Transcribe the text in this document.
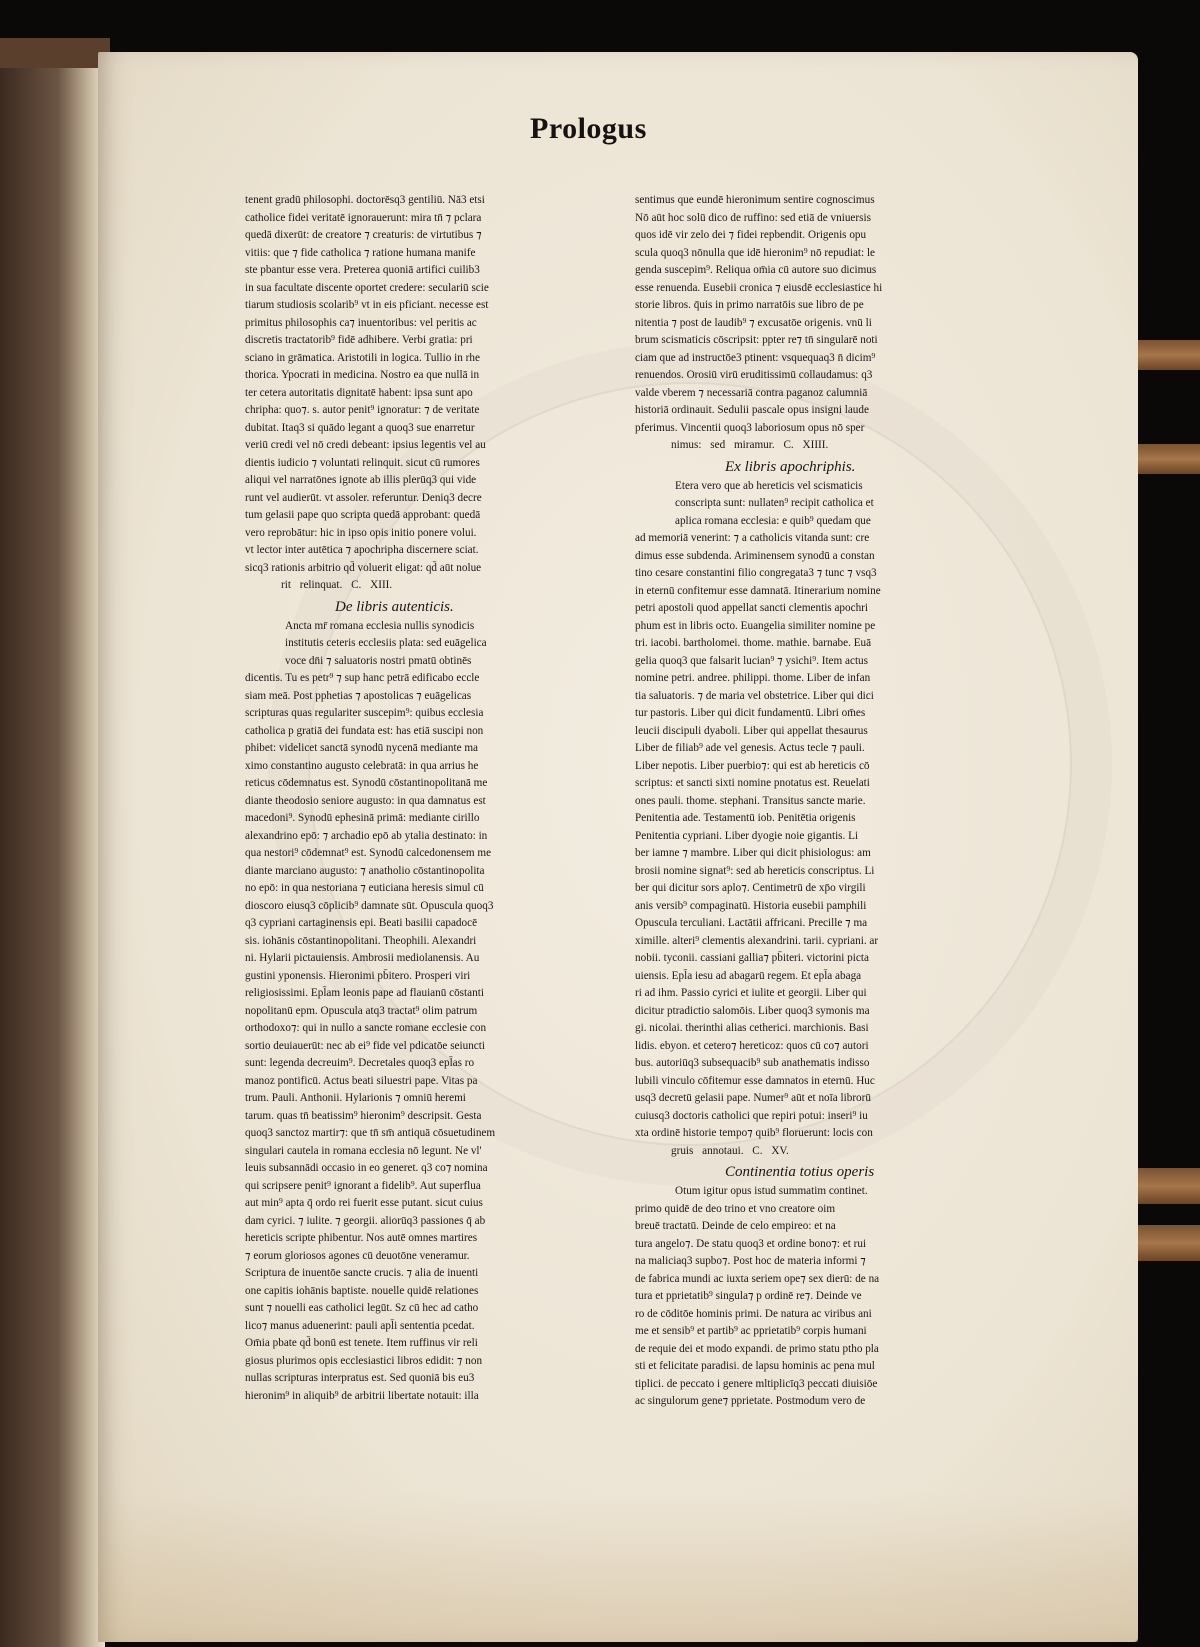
Prologus
tenent gradū philosophi. doctorēsq3 gentiliū. Nā3 etsi
catholice fidei veritatē ignorauerunt: mira tn̄ ⁊ pclara
quedā dixerūt: de creatore ⁊ creaturis: de virtutibus ⁊
vitiis: que ⁊ fide catholica ⁊ ratione humana manife
ste pbantur esse vera. Preterea quoniā artifici cuilib3
in sua facultate discente oportet credere: seculariū scie
tiarum studiosis scolarib⁹ vt in eis pficiant. necesse est
primitus philosophis ca⁊ inuentoribus: vel peritis ac
discretis tractatorib⁹ fidē adhibere. Verbi gratia: pri
sciano in grāmatica. Aristotili in logica. Tullio in rhe
thorica. Ypocrati in medicina. Nostro ea que nullā in
ter cetera autoritatis dignitatē habent: ipsa sunt apo
chripha: quo⁊. s. autor penit⁹ ignoratur: ⁊ de veritate
dubitat. Itaq3 si quādo legant a quoq3 sue enarretur
veriū credi vel nō credi debeant: ipsius legentis vel au
dientis iudicio ⁊ voluntati relinquit. sicut cū rumores
aliqui vel narratōnes ignote ab illis plerūq3 qui vide
runt vel audierūt. vt assoler. referuntur. Deniq3 decre
tum gelasii pape quo scripta quedā approbant: quedā
vero reprobātur: hic in ipso opis initio ponere volui.
vt lector inter autētica ⁊ apochripha discernere sciat.
sicq3 rationis arbitrio qd̄ voluerit eligat: qd̄ aūt nolue
rit relinquat. C. XIII.
De libris autenticis.
Ancta mr̄ romana ecclesia nullis synodicis
institutis ceteris ecclesiis plata: sed euāgelica
voce dn̄i ⁊ saluatoris nostri pmatū obtinēs
dicentis. Tu es petr⁹ ⁊ sup hanc petrā edificabo eccle
siam meā. Post pphetias ⁊ apostolicas ⁊ euāgelicas
scripturas quas regulariter suscepim⁹: quibus ecclesia
catholica p gratiā dei fundata est: has etiā suscipi non
phibet: videlicet sanctā synodū nycenā mediante ma
ximo constantino augusto celebratā: in qua arrius he
reticus cōdemnatus est. Synodū cōstantinopolitanā me
diante theodosio seniore augusto: in qua damnatus est
macedoni⁹. Synodū ephesinā primā: mediante cirillo
alexandrino epō: ⁊ archadio epō ab ytalia destinato: in
qua nestori⁹ cōdemnat⁹ est. Synodū calcedonensem me
diante marciano augusto: ⁊ anatholio cōstantinopolita
no epō: in qua nestoriana ⁊ euticiana heresis simul cū
dioscoro eiusq3 cōplicib⁹ damnate sūt. Opuscula quoq3
q3 cypriani cartaginensis epi. Beati basilii capadocē
sis. iohānis cōstantinopolitani. Theophili. Alexandri
ni. Hylarii pictauiensis. Ambrosii mediolanensis. Au
gustini yponensis. Hieronimi pb̄itero. Prosperi viri
religiosissimi. Epl̄am leonis pape ad flauianū cōstanti
nopolitanū epm. Opuscula atq3 tractat⁹ olim patrum
orthodoxo⁊: qui in nullo a sancte romane ecclesie con
sortio deuiauerūt: nec ab ei⁹ fide vel pdicatōe seiuncti
sunt: legenda decreuim⁹. Decretales quoq3 epl̄as ro
manoz pontificū. Actus beati siluestri pape. Vitas pa
trum. Pauli. Anthonii. Hylarionis ⁊ omniū heremi
tarum. quas tn̄ beatissim⁹ hieronim⁹ descripsit. Gesta
quoq3 sanctoz martir⁊: que tn̄ sm̄ antiquā cōsuetudinem
singulari cautela in romana ecclesia nō legunt. Ne vl'
leuis subsannādi occasio in eo generet. q3 co⁊ nomina
qui scripsere penit⁹ ignorant a fidelib⁹. Aut superflua
aut min⁹ apta q̄ ordo rei fuerit esse putant. sicut cuius
dam cyrici. ⁊ iulite. ⁊ georgii. aliorūq3 passiones q̄ ab
hereticis scripte phibentur. Nos autē omnes martires
⁊ eorum gloriosos agones cū deuotōne veneramur.
Scriptura de inuentōe sancte crucis. ⁊ alia de inuenti
one capitis iohānis baptiste. nouelle quidē relationes
sunt ⁊ nouelli eas catholici legūt. Sz cū hec ad catho
lico⁊ manus aduenerint: pauli apl̄i sententia pcedat.
Om̄ia pbate qd̄ bonū est tenete. Item ruffinus vir reli
giosus plurimos opis ecclesiastici libros edidit: ⁊ non
nullas scripturas interpratus est. Sed quoniā bis eu3
hieronim⁹ in aliquib⁹ de arbitrii libertate notauit: illa
sentimus que eundē hieronimum sentire cognoscimus
Nō aūt hoc solū dico de ruffino: sed etiā de vniuersis
quos idē vir zelo dei ⁊ fidei repbendit. Origenis opu
scula quoq3 nōnulla que idē hieronim⁹ nō repudiat: le
genda suscepim⁹. Reliqua om̄ia cū autore suo dicimus
esse renuenda. Eusebii cronica ⁊ eiusdē ecclesiastice hi
storie libros. q̄uis in primo narratōis sue libro de pe
nitentia ⁊ post de laudib⁹ ⁊ excusatōe origenis. vnū li
brum scismaticis cōscripsit: ppter re⁊ tn̄ singularē noti
ciam que ad instructōe3 ptinent: vsquequaq3 n̄ dicim⁹
renuendos. Orosiū virū eruditissimū collaudamus: q3
valde vberem ⁊ necessariā contra paganoz calumniā
historiā ordinauit. Sedulii pascale opus insigni laude
pferimus. Vincentii quoq3 laboriosum opus nō sper
nimus: sed miramur. C. XIIII.
Ex libris apochriphis.
Etera vero que ab hereticis vel scismaticis
conscripta sunt: nullaten⁹ recipit catholica et
aplica romana ecclesia: e quib⁹ quedam que
ad memoriā venerint: ⁊ a catholicis vitanda sunt: cre
dimus esse subdenda. Ariminensem synodū a constan
tino cesare constantini filio congregata3 ⁊ tunc ⁊ vsq3
in eternū confitemur esse damnatā. Itinerarium nomine
petri apostoli quod appellat sancti clementis apochri
phum est in libris octo. Euangelia similiter nomine pe
tri. iacobi. bartholomei. thome. mathie. barnabe. Euā
gelia quoq3 que falsarit lucian⁹ ⁊ ysichi⁹. Item actus
nomine petri. andree. philippi. thome. Liber de infan
tia saluatoris. ⁊ de maria vel obstetrice. Liber qui dici
tur pastoris. Liber qui dicit fundamentū. Libri om̄es
leucii discipuli dyaboli. Liber qui appellat thesaurus
Liber de filiab⁹ ade vel genesis. Actus tecle ⁊ pauli.
Liber nepotis. Liber puerbio⁊: qui est ab hereticis cō
scriptus: et sancti sixti nomine pnotatus est. Reuelati
ones pauli. thome. stephani. Transitus sancte marie.
Penitentia ade. Testamentū iob. Penitētia origenis
Penitentia cypriani. Liber dyogie noie gigantis. Li
ber iamne ⁊ mambre. Liber qui dicit phisiologus: am
brosii nomine signat⁹: sed ab hereticis conscriptus. Li
ber qui dicitur sors aplo⁊. Centimetrū de xp̄o virgili
anis versib⁹ compaginatū. Historia eusebii pamphili
Opuscula terculiani. Lactātii affricani. Precille ⁊ ma
ximille. alteri⁹ clementis alexandrini. tarii. cypriani. ar
nobii. tyconii. cassiani gallia⁊ pb̄iteri. victorini picta
uiensis. Epl̄a iesu ad abagarū regem. Et epl̄a abaga
ri ad ihm. Passio cyrici et iulite et georgii. Liber qui
dicitur ptradictio salomōis. Liber quoq3 symonis ma
gi. nicolai. therinthi alias cetherici. marchionis. Basi
lidis. ebyon. et cetero⁊ hereticoz: quos cū co⁊ autori
bus. autoriūq3 subsequacib⁹ sub anathematis indisso
lubili vinculo cōfitemur esse damnatos in eternū. Huc
usq3 decretū gelasii pape. Numer⁹ aūt et noīa librorū
cuiusq3 doctoris catholici que repiri potui: inseri⁹ iu
xta ordinē historie tempo⁊ quib⁹ floruerunt: locis con
gruis annotaui. C. XV.
Continentia totius operis
Otum igitur opus istud summatim continet.
primo quidē de deo trino et vno creatore oim
breuē tractatū. Deinde de celo empireo: et na
tura angelo⁊. De statu quoq3 et ordine bono⁊: et rui
na maliciaq3 supbo⁊. Post hoc de materia informi ⁊
de fabrica mundi ac iuxta seriem ope⁊ sex dierū: de na
tura et pprietatib⁹ singula⁊ p ordinē re⁊. Deinde ve
ro de cōditōe hominis primi. De natura ac viribus ani
me et sensib⁹ et partib⁹ ac pprietatib⁹ corpis humani
de requie dei et modo expandi. de primo statu ptho pla
sti et felicitate paradisi. de lapsu hominis ac pena mul
tiplici. de peccato i genere mltiplicīq3 peccati diuisiōe
ac singulorum gene⁊ pprietate. Postmodum vero de
